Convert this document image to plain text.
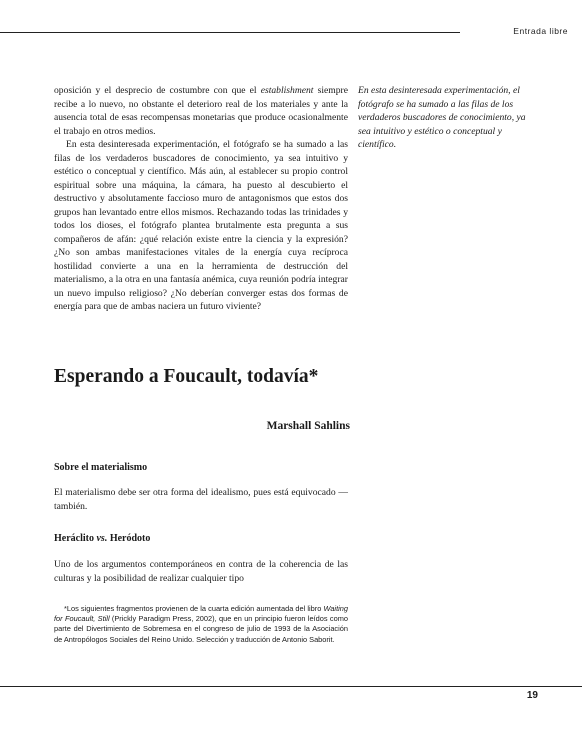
Entrada libre

oposición y el desprecio de costumbre con que el establishment siempre recibe a lo nuevo, no obstante el deterioro real de los materiales y ante la ausencia total de esas recompensas monetarias que produce ocasionalmente el trabajo en otros medios.

En esta desinteresada experimentación, el fotógrafo se ha sumado a las filas de los verdaderos buscadores de conocimiento, ya sea intuitivo y estético o conceptual y científico. Más aún, al establecer su propio control espiritual sobre una máquina, la cámara, ha puesto al descubierto el destructivo y absolutamente faccioso muro de antagonismos que estos dos grupos han levantado entre ellos mismos. Rechazando todas las trinidades y todos los dioses, el fotógrafo plantea brutalmente esta pregunta a sus compañeros de afán: ¿qué relación existe entre la ciencia y la expresión? ¿No son ambas manifestaciones vitales de la energía cuya recíproca hostilidad convierte a una en la herramienta de destrucción del materialismo, a la otra en una fantasía anémica, cuya reunión podría integrar un nuevo impulso religioso? ¿No deberían converger estas dos formas de energía para que de ambas naciera un futuro viviente?

En esta desinteresada experimentación, el fotógrafo se ha sumado a las filas de los verdaderos buscadores de conocimiento, ya sea intuitivo y estético o conceptual y científico.
Esperando a Foucault, todavía*
Marshall Sahlins
Sobre el materialismo

El materialismo debe ser otra forma del idealismo, pues está equivocado —también.

Heráclito vs. Heródoto

Uno de los argumentos contemporáneos en contra de la coherencia de las culturas y la posibilidad de realizar cualquier tipo

*Los siguientes fragmentos provienen de la cuarta edición aumentada del libro Waiting for Foucault, Still (Prickly Paradigm Press, 2002), que en un principio fueron leídos como parte del Divertimiento de Sobremesa en el congreso de julio de 1993 de la Asociación de Antropólogos Sociales del Reino Unido. Selección y traducción de Antonio Saborit.

19
